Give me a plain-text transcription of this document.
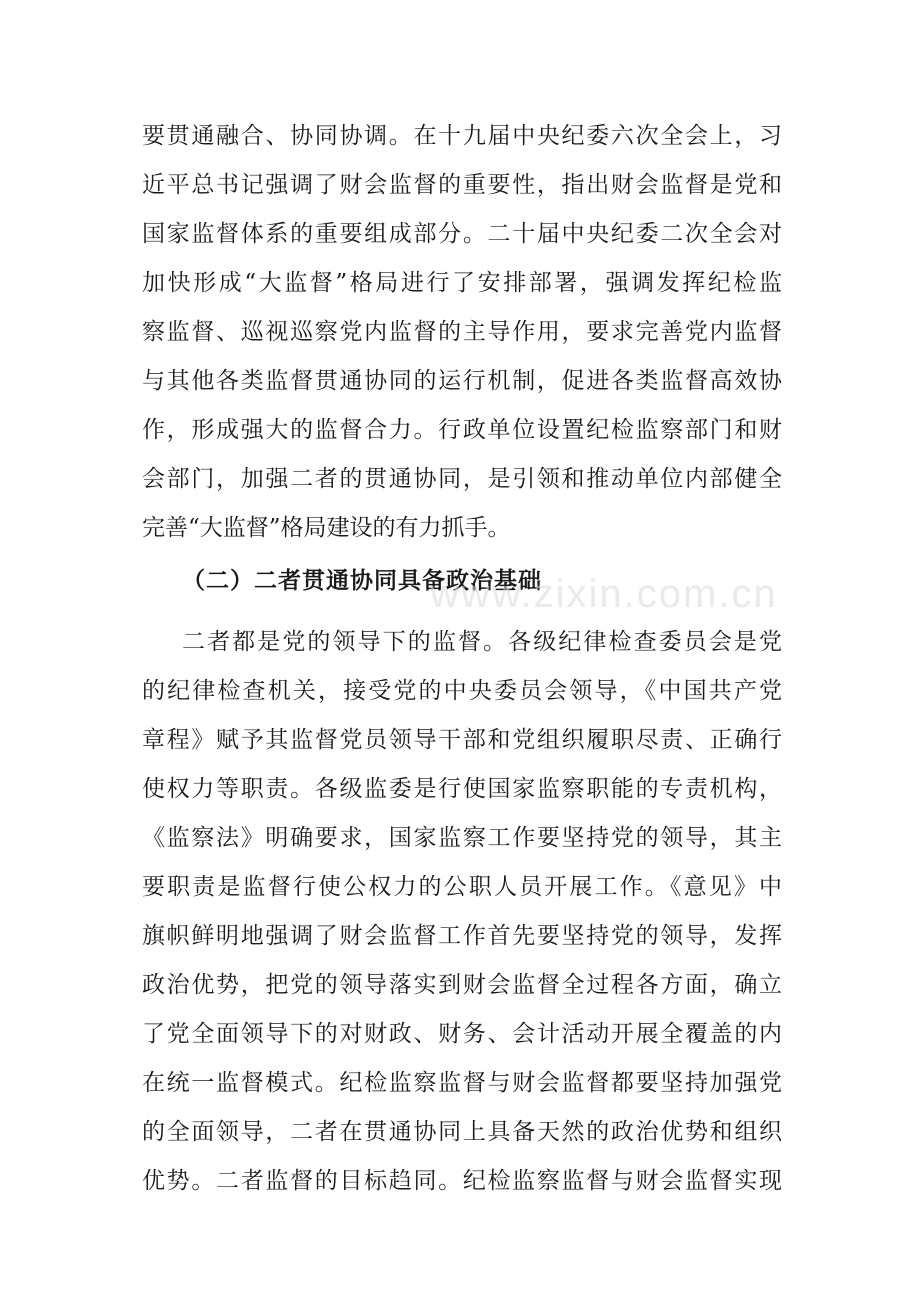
要贯通融合、协同协调。在十九届中央纪委六次全会上，习
近平总书记强调了财会监督的重要性，指出财会监督是党和
国家监督体系的重要组成部分。二十届中央纪委二次全会对
加快形成“大监督”格局进行了安排部署，强调发挥纪检监
察监督、巡视巡察党内监督的主导作用，要求完善党内监督
与其他各类监督贯通协同的运行机制，促进各类监督高效协
作，形成强大的监督合力。行政单位设置纪检监察部门和财
会部门，加强二者的贯通协同，是引领和推动单位内部健全
完善“大监督”格局建设的有力抓手。
（二）二者贯通协同具备政治基础
www.zixin.com.cn
二者都是党的领导下的监督。各级纪律检查委员会是党
的纪律检查机关，接受党的中央委员会领导，《中国共产党
章程》赋予其监督党员领导干部和党组织履职尽责、正确行
使权力等职责。各级监委是行使国家监察职能的专责机构，
《监察法》明确要求，国家监察工作要坚持党的领导，其主
要职责是监督行使公权力的公职人员开展工作。《意见》中
旗帜鲜明地强调了财会监督工作首先要坚持党的领导，发挥
政治优势，把党的领导落实到财会监督全过程各方面，确立
了党全面领导下的对财政、财务、会计活动开展全覆盖的内
在统一监督模式。纪检监察监督与财会监督都要坚持加强党
的全面领导，二者在贯通协同上具备天然的政治优势和组织
优势。二者监督的目标趋同。纪检监察监督与财会监督实现
